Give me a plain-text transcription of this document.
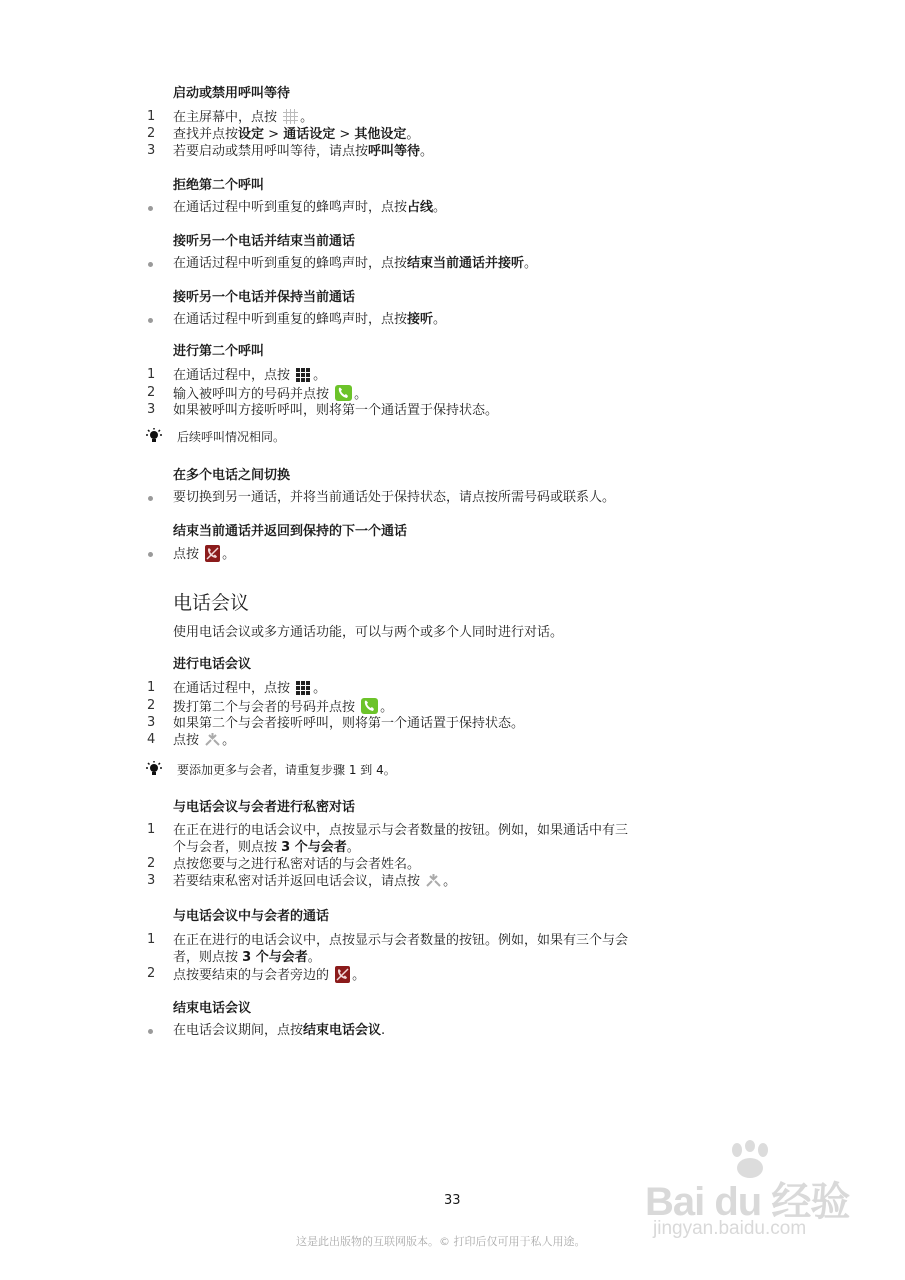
启动或禁用呼叫等待
1 在主屏幕中，点按 。
2 查找并点按设定 > 通话设定 > 其他设定。
3 若要启动或禁用呼叫等待，请点按呼叫等待。
拒绝第二个呼叫
在通话过程中听到重复的蜂鸣声时，点按占线。
接听另一个电话并结束当前通话
在通话过程中听到重复的蜂鸣声时，点按结束当前通话并接听。
接听另一个电话并保持当前通话
在通话过程中听到重复的蜂鸣声时，点按接听。
进行第二个呼叫
1 在通话过程中，点按 。
2 输入被呼叫方的号码并点按
。
3 如果被呼叫方接听呼叫，则将第一个通话置于保持状态。
后续呼叫情况相同。
在多个电话之间切换
要切换到另一通话，并将当前通话处于保持状态，请点按所需号码或联系人。
结束当前通话并返回到保持的下一个通话
点按
。
电话会议
使用电话会议或多方通话功能，可以与两个或多个人同时进行对话。
进行电话会议
1 在通话过程中，点按 。
2 拨打第二个与会者的号码并点按
。
3 如果第二个与会者接听呼叫，则将第一个通话置于保持状态。
4 点按
。
要添加更多与会者，请重复步骤 1 到 4。
与电话会议与会者进行私密对话
1 在正在进行的电话会议中，点按显示与会者数量的按钮。例如，如果通话中有三
个与会者，则点按 3 个与会者。
2 点按您要与之进行私密对话的与会者姓名。
3 若要结束私密对话并返回电话会议，请点按
。
与电话会议中与会者的通话
1 在正在进行的电话会议中，点按显示与会者数量的按钮。例如，如果有三个与会
者，则点按 3 个与会者。
2 点按要结束的与会者旁边的
。
结束电话会议
在电话会议期间，点按结束电话会议.
33
这是此出版物的互联网版本。© 打印后仅可用于私人用途。
Bai du 经验
jingyan.baidu.com
